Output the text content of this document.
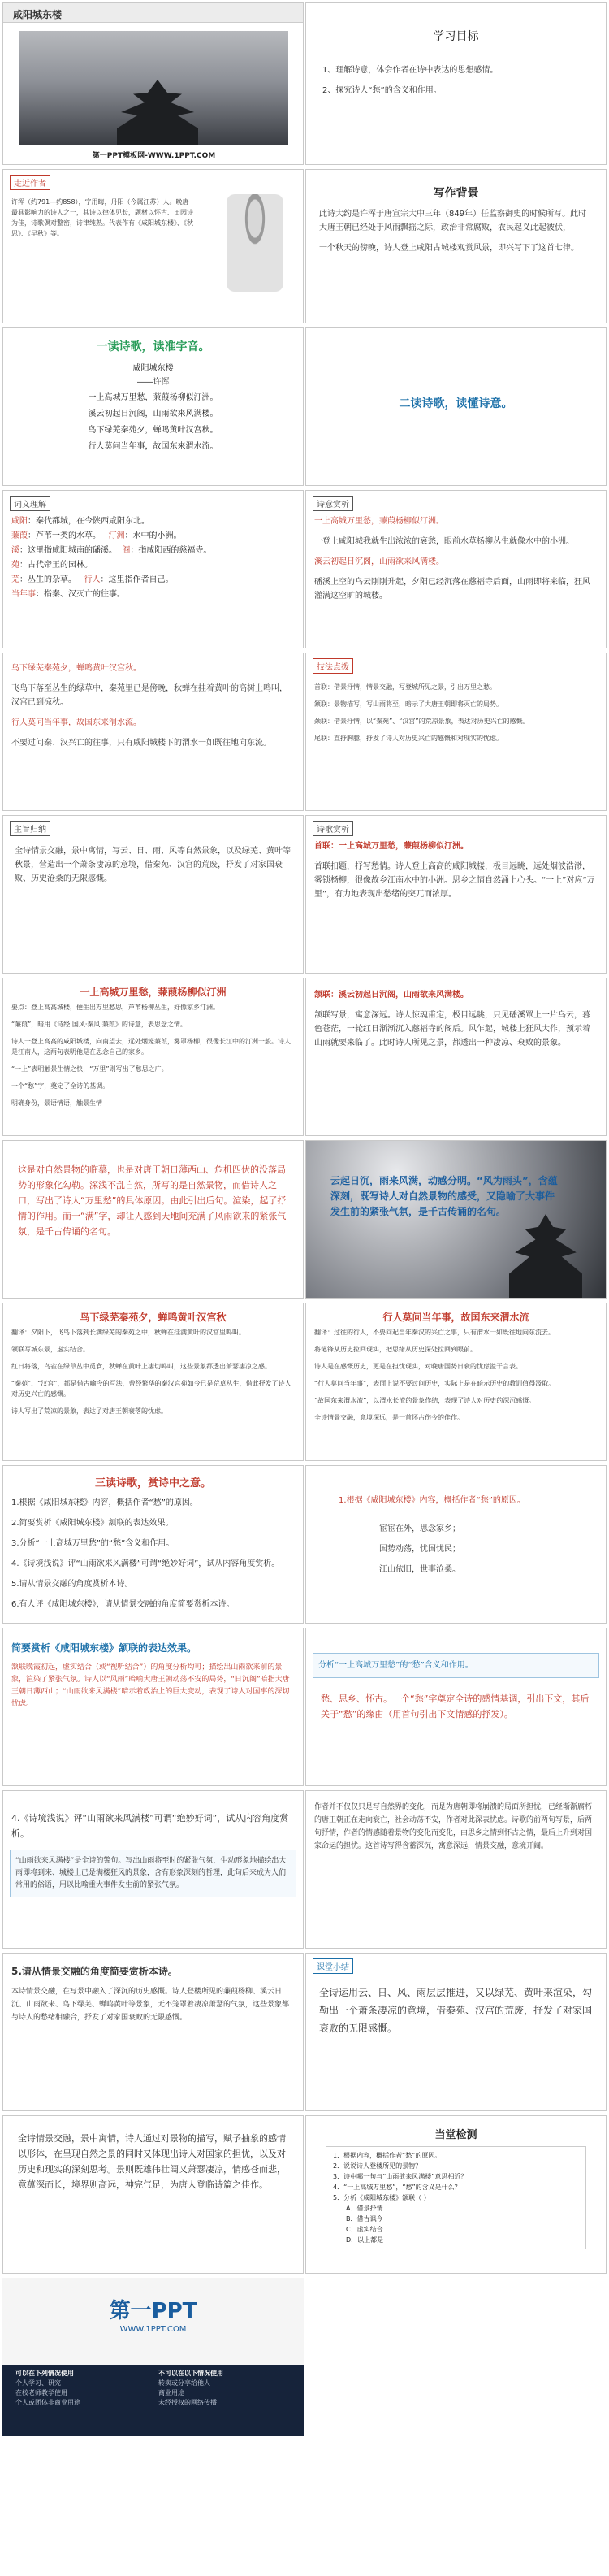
咸阳城东楼
第一PPT模板网-WWW.1PPT.COM
学习目标
1、理解诗意，体会作者在诗中表达的思想感情。
2、探究诗人“愁”的含义和作用。
走近作者
许浑（约791—约858），字用晦，丹阳（今属江苏）人。晚唐最具影响力的诗人之一，其诗以律体见长，题材以怀古、田园诗为佳，诗歌偶对整密，诗律纯熟。代表作有《咸阳城东楼》、《秋思》、《早秋》等。
写作背景
此诗大约是许浑于唐宣宗大中三年（849年）任监察御史的时候所写。此时大唐王朝已经处于风雨飘摇之际，政治非常腐败，农民起义此起彼伏，
一个秋天的傍晚，诗人登上咸阳古城楼观赏风景，即兴写下了这首七律。
一读诗歌，读准字音。
咸阳城东楼
——许浑
一上高城万里愁，蒹葭杨柳似汀洲。
溪云初起日沉阁，山雨欲来风满楼。
鸟下绿芜秦苑夕，蝉鸣黄叶汉宫秋。
行人莫问当年事，故国东来渭水流。
二读诗歌，读懂诗意。
词义理解
咸阳：秦代都城，在今陕西咸阳东北。
蒹葭：芦苇一类的水草。 汀洲：水中的小洲。
溪：这里指咸阳城南的磻溪。 阁：指咸阳西的慈福寺。
苑：古代帝王的园林。
芜：丛生的杂草。 行人：这里指作者自己。
当年事：指秦、汉灭亡的往事。
诗意赏析
一上高城万里愁，蒹葭杨柳似汀洲。
一登上咸阳城我就生出浓浓的哀愁，眼前水草杨柳丛生就像水中的小洲。
溪云初起日沉阁，山雨欲来风满楼。
磻溪上空的乌云刚刚升起，夕阳已经沉落在慈福寺后面，山雨即将来临，狂风灌满这空旷的城楼。
鸟下绿芜秦苑夕，蝉鸣黄叶汉宫秋。
飞鸟下落至丛生的绿草中，秦苑里已是傍晚，秋蝉在挂着黄叶的高树上鸣叫，汉宫已到凉秋。
行人莫问当年事，故国东来渭水流。
不要过问秦、汉兴亡的往事，只有咸阳城楼下的渭水一如既往地向东流。
技法点拨
首联：借景抒情，情景交融，写登城所见之景，引出万里之愁。
颔联：景物描写，写山雨将至，暗示了大唐王朝即将灭亡的局势。
颈联：借景抒情，以“秦苑”、“汉宫”的荒凉景象，表达对历史兴亡的感慨。
尾联：直抒胸臆，抒发了诗人对历史兴亡的感慨和对现实的忧虑。
主旨归纳
全诗情景交融，景中寓情，写云、日、雨、风等自然景象，以及绿芜、黄叶等秋景，营造出一个萧条凄凉的意境，借秦苑、汉宫的荒废，抒发了对家国衰败、历史沧桑的无限感慨。
诗歌赏析
首联：一上高城万里愁，蒹葭杨柳似汀洲。
首联扣题，抒写愁情。诗人登上高高的咸阳城楼，极目远眺，远处烟波浩渺，雾锁杨柳，很像故乡江南水中的小洲。思乡之情自然涌上心头。“一上”对应“万里”，有力地表现出愁绪的突兀而浓厚。
一上高城万里愁，蒹葭杨柳似汀洲
要点：登上高高城楼，便生出万里愁思，芦苇杨柳丛生，好像家乡汀洲。
“蒹葭”，暗用《诗经·国风·秦风·蒹葭》的诗意，表思念之情。
诗人一登上高高的咸阳城楼，向南望去，远处烟笼蒹葭，雾罩杨柳，很像长江中的汀洲一般。诗人是江南人，这两句表明他是在思念自己的家乡。
“一上”表明触景生情之快，“万里”则写出了愁思之广。
一个“愁”字，奠定了全诗的基调。
明确身份，景语情语，触景生情
颔联：溪云初起日沉阁，山雨欲来风满楼。
颔联写景，寓意深远。诗人惊魂甫定，极目远眺，只见磻溪罩上一片乌云，暮色苍茫，一轮红日渐渐沉入慈福寺的阁后。风乍起，城楼上狂风大作，预示着山雨就要来临了。此时诗人所见之景，都透出一种凄凉、衰败的景象。
这是对自然景物的临摹，也是对唐王朝日薄西山、危机四伏的没落局势的形象化勾勒。深浅不乱自然，所写的是自然景物，而借诗人之口，写出了诗人“万里愁”的具体原因。由此引出后句。渲染，起了抒情的作用。而一“满”字，却让人感到天地间充满了风雨欲来的紧张气氛，是千古传诵的名句。
云起日沉，雨来风满，动感分明。“风为雨头”，含蕴深刻，既写诗人对自然景物的感受，又隐喻了大事件发生前的紧张气氛，是千古传诵的名句。
鸟下绿芜秦苑夕，蝉鸣黄叶汉宫秋
翻译：夕阳下，飞鸟下落到长满绿芜的秦苑之中，秋蝉在挂满黄叶的汉宫里鸣叫。
领联写城东景，虚实结合。
红日将落，鸟雀在绿草丛中觅食，秋蝉在黄叶上凄切鸣叫，这些景象都透出萧瑟凄凉之感。
“秦苑”、“汉宫”，都是借古喻今的写法，曾经繁华的秦汉宫苑如今已是荒草丛生，借此抒发了诗人对历史兴亡的感慨。
诗人写出了荒凉的景象，表达了对唐王朝衰落的忧虑。
行人莫问当年事，故国东来渭水流
翻译：过往的行人，不要问起当年秦汉的兴亡之事，只有渭水一如既往地向东流去。
将笔锋从历史拉回现实，把思绪从历史深处拉回到眼前。
诗人是在感慨历史，更是在担忧现实，对晚唐国势日衰的忧虑溢于言表。
“行人莫问当年事”，表面上说不要过问历史，实际上是在暗示历史的教训值得汲取。
“故国东来渭水流”，以渭水长流的景象作结，表现了诗人对历史的深沉感慨。
全诗情景交融，意境深远，是一首怀古伤今的佳作。
三读诗歌，赏诗中之意。
1.根据《咸阳城东楼》内容，概括作者“愁”的原因。
2.简要赏析《咸阳城东楼》颔联的表达效果。
3.分析“一上高城万里愁”的“愁”含义和作用。
4.《诗境浅说》评“山雨欲来风满楼”可谓“绝妙好词”，试从内容角度赏析。
5.请从情景交融的角度赏析本诗。
6.有人评《咸阳城东楼》，请从情景交融的角度简要赏析本诗。
1.根据《咸阳城东楼》内容，概括作者“愁”的原因。
宦宦在外，思念家乡；
国势动荡，忧国忧民；
江山依旧，世事沧桑。
简要赏析《咸阳城东楼》颔联的表达效果。
颔联晚霞初起，虚实结合（或“视听结合”）的角度分析均可；描绘出山雨欲来前的景象，渲染了紧张气氛。诗人以“风雨”暗喻大唐王朝动荡不安的局势，“日沉阁”暗指大唐王朝日薄西山；“山雨欲来风满楼”暗示着政治上的巨大变动，表现了诗人对国事的深切忧虑。
分析“一上高城万里愁”的“愁”含义和作用。
愁、思乡、怀古。一个“愁”字奠定全诗的感情基调，引出下文，其后关于“愁”的缘由（用首句引出下文情感的抒发）。
4.《诗境浅说》评“山雨欲来风满楼”可谓“绝妙好词”，试从内容角度赏析。
“山雨欲来风满楼”是全诗的警句。写出山雨将至时的紧张气氛，生动形象地描绘出大雨即将到来、城楼上已是满楼狂风的景象，含有形象深刻的哲理，此句后来成为人们常用的俗语，用以比喻重大事件发生前的紧张气氛。
作者并不仅仅只是写自然界的变化，而是为唐朝即将崩溃的局面所担忧，已经渐渐腐朽的唐王朝正在走向衰亡，社会动荡不安，作者对此深表忧虑。诗歌的前两句写景，后两句抒情，作者的情感随着景物的变化而变化，由思乡之情到怀古之情，最后上升到对国家命运的担忧。这首诗写得含蓄深沉，寓意深远，情景交融，意境开阔。
5.请从情景交融的角度简要赏析本诗。
本诗情景交融，在写景中融入了深沉的历史感慨。诗人登楼所见的蒹葭杨柳、溪云日沉、山雨欲来、鸟下绿芜、蝉鸣黄叶等景象，无不笼罩着凄凉萧瑟的气氛，这些景象都与诗人的愁绪相融合，抒发了对家国衰败的无限感慨。
课堂小结
全诗运用云、日、风、雨层层推进，又以绿芜、黄叶来渲染，勾勒出一个萧条凄凉的意境，借秦苑、汉宫的荒废，抒发了对家国衰败的无限感慨。
全诗情景交融，景中寓情，诗人通过对景物的描写，赋予抽象的感情以形体，在呈现自然之景的同时又体现出诗人对国家的担忧，以及对历史和现实的深刻思考。景则既雄伟壮阔又萧瑟凄凉，情感苍而悲，意蕴深而长，境界则高远，神完气足，为唐人登临诗篇之佳作。
当堂检测
1．根据内容，概括作者“愁”的原因。
2．说说诗人登楼所见的景物？
3．诗中哪一句与“山雨欲来风满楼”意思相近？
4．“一上高城万里愁”，“愁”的含义是什么？
5．分析《咸阳城东楼》颔联（ ）
A．借景抒情
B．借古讽今
C．虚实结合
D．以上都是
第一PPT
WWW.1PPT.COM
可以在下列情况使用
个人学习、研究
在校老师教学使用
个人或团体非商业用途
不可以在以下情况使用
转卖或分享给他人
商业用途
未经授权的网络传播
